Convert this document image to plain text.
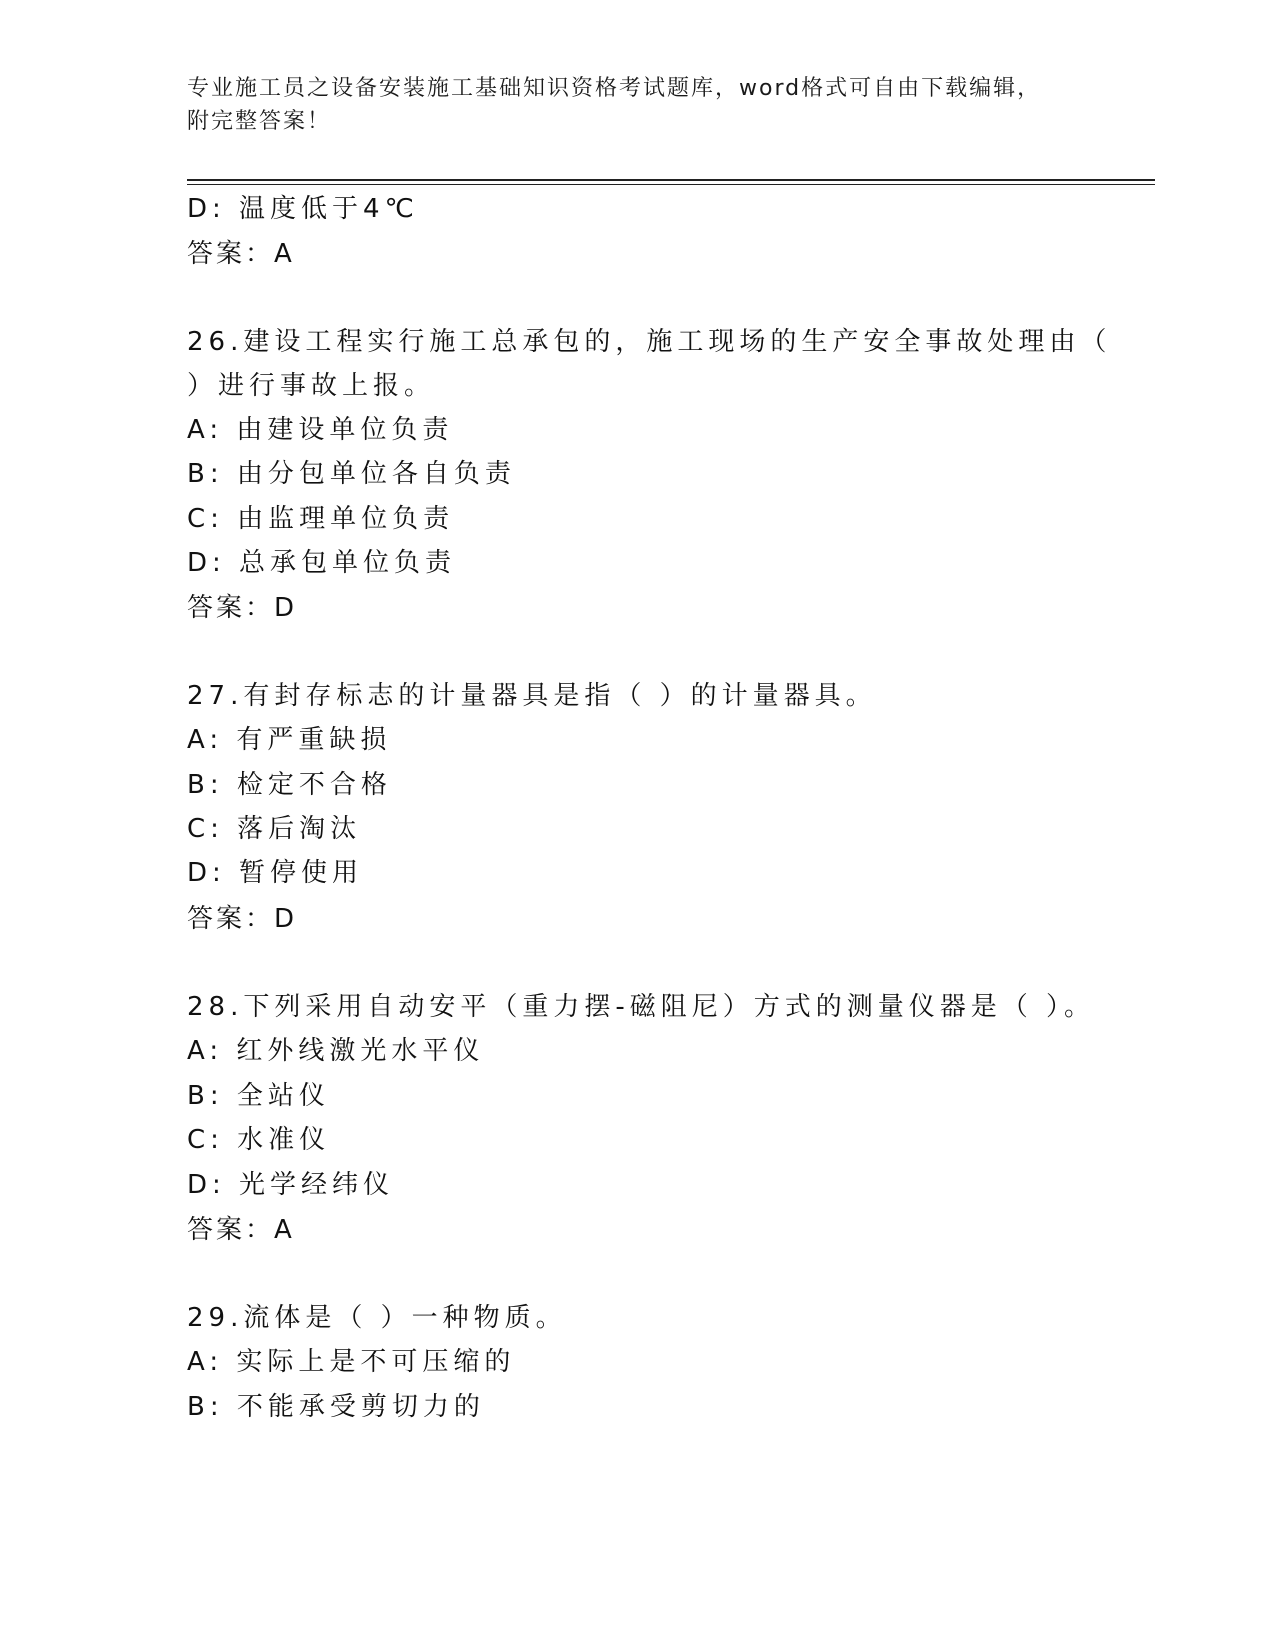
专业施工员之设备安装施工基础知识资格考试题库，word格式可自由下载编辑，
附完整答案！
D: 温度低于4℃
答案：A
26.建设工程实行施工总承包的，施工现场的生产安全事故处理由（
）进行事故上报。
A: 由建设单位负责
B: 由分包单位各自负责
C: 由监理单位负责
D: 总承包单位负责
答案：D
27.有封存标志的计量器具是指（ ）的计量器具。
A: 有严重缺损
B: 检定不合格
C: 落后淘汰
D: 暂停使用
答案：D
28.下列采用自动安平（重力摆-磁阻尼）方式的测量仪器是（ ）。
A: 红外线激光水平仪
B: 全站仪
C: 水准仪
D: 光学经纬仪
答案：A
29.流体是（ ）一种物质。
A: 实际上是不可压缩的
B: 不能承受剪切力的
